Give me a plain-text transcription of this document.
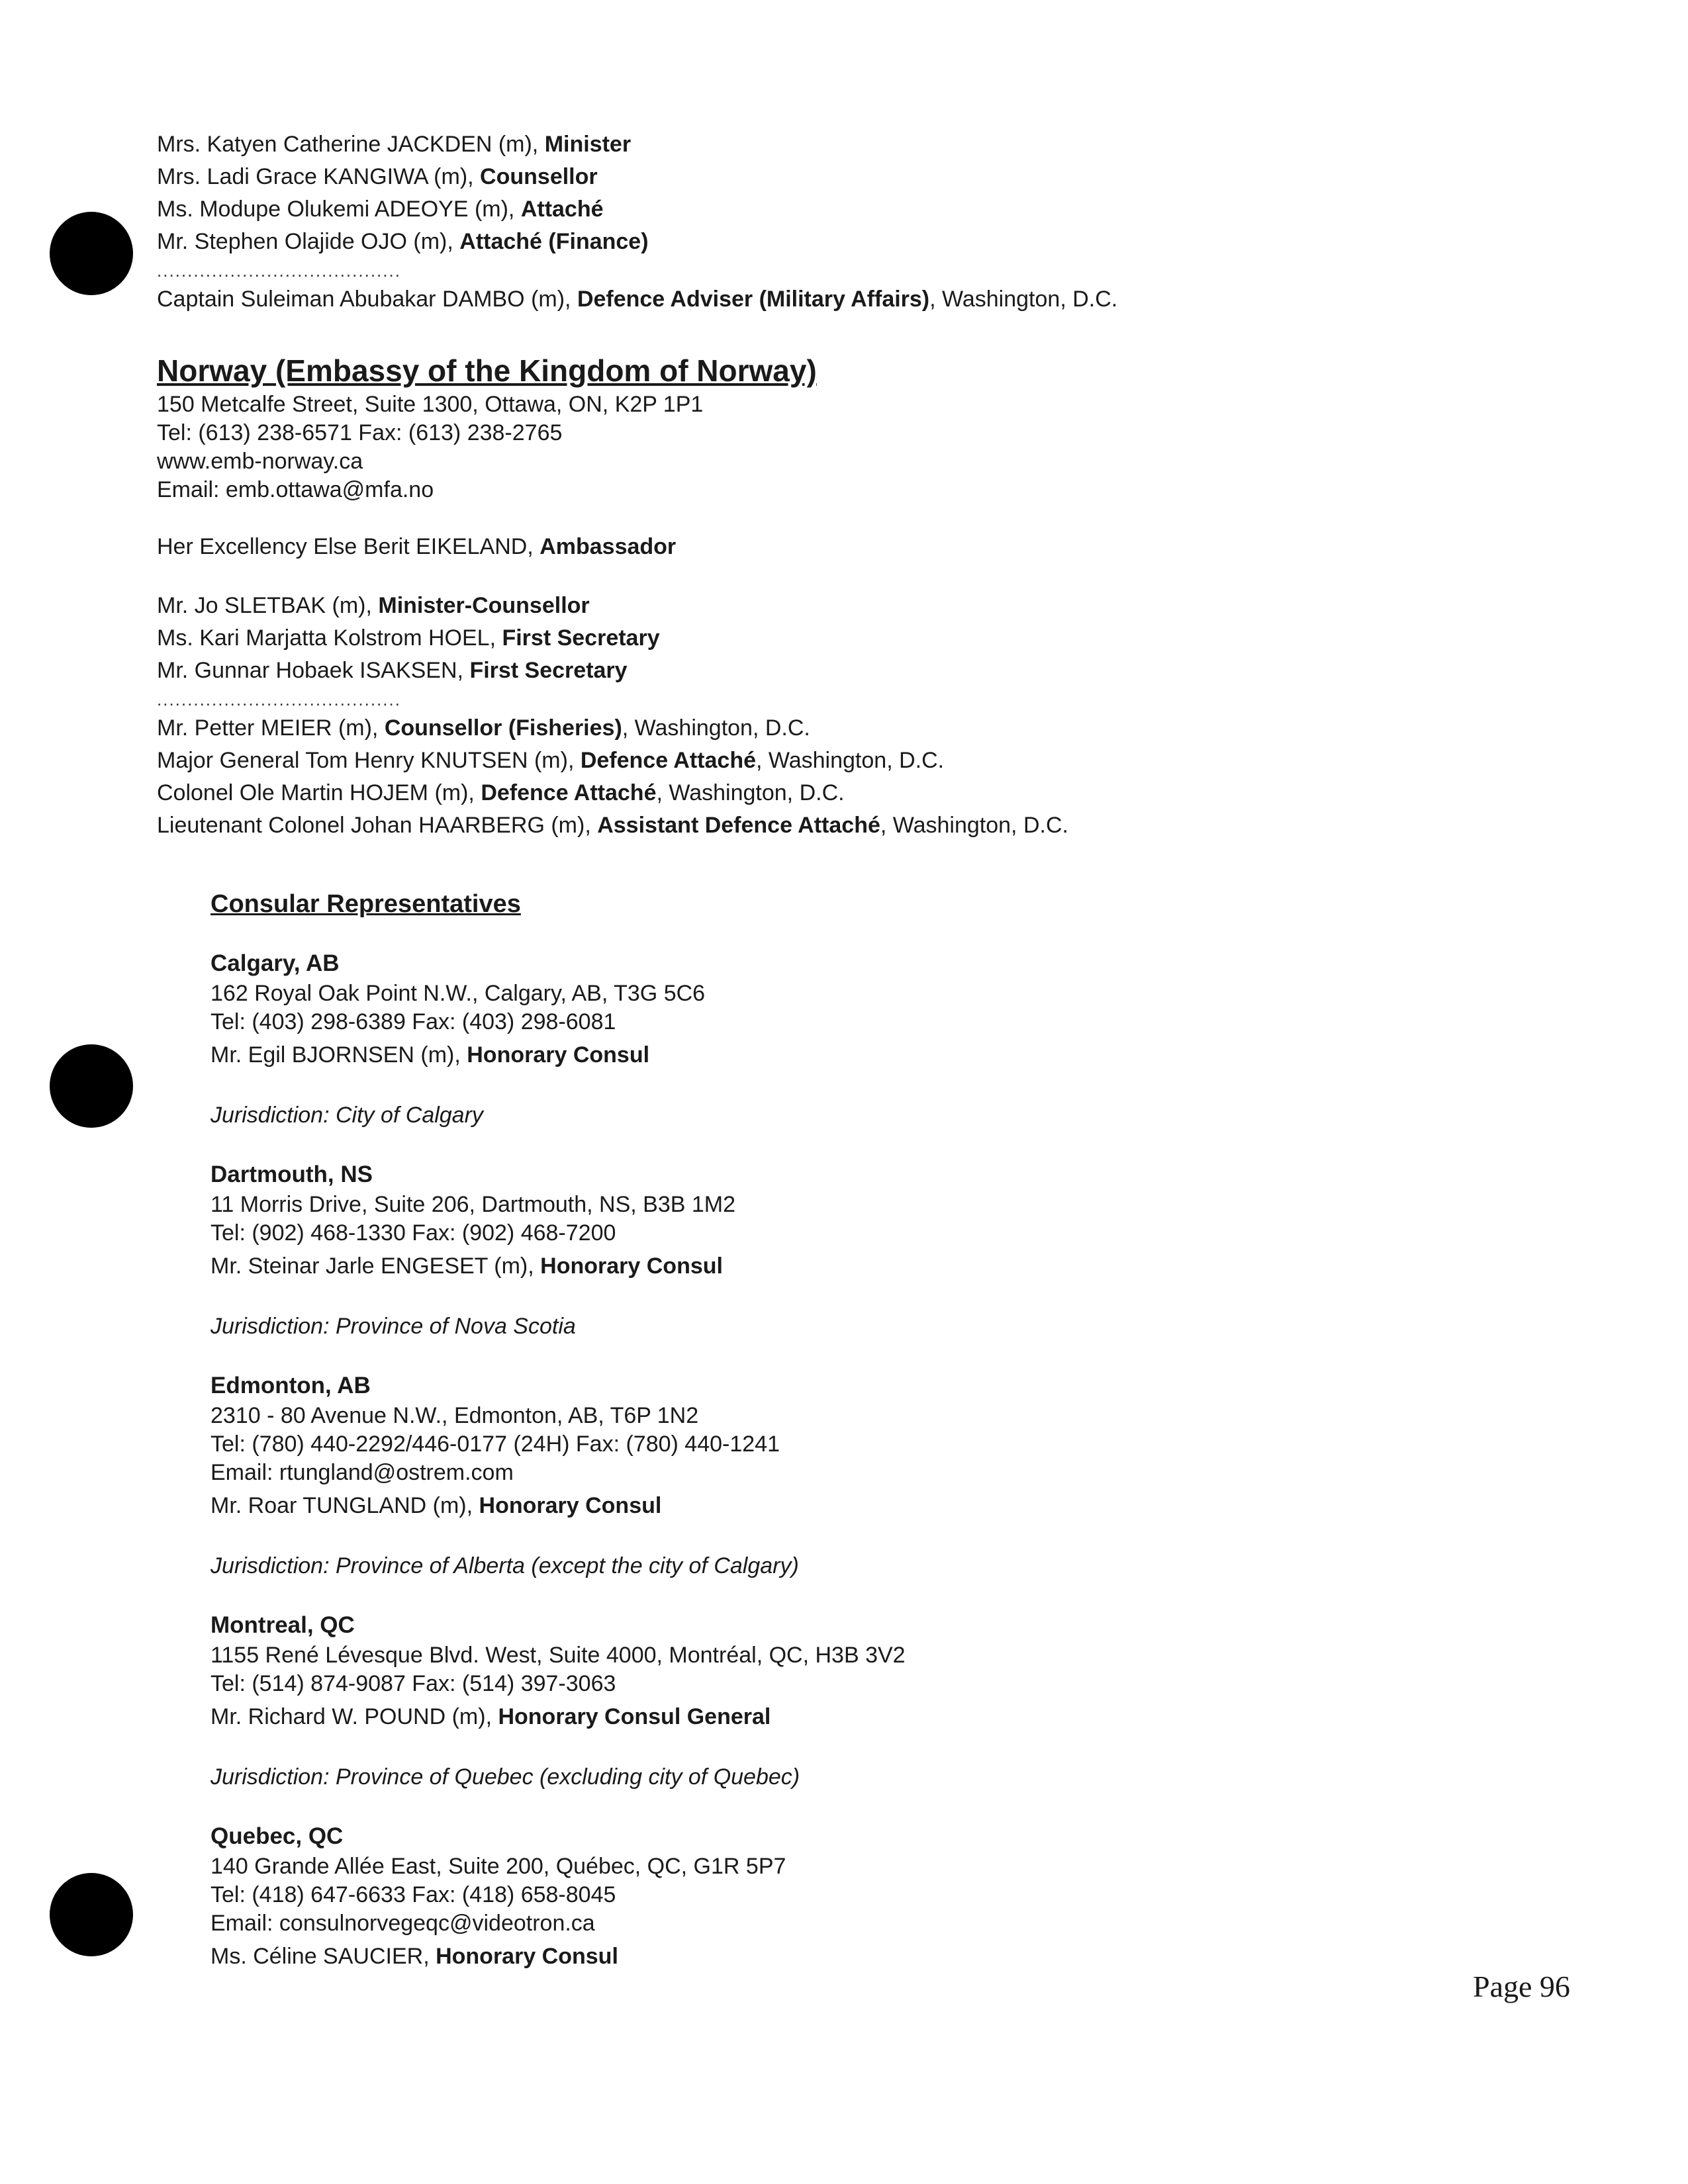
Mrs. Katyen Catherine JACKDEN (m), Minister
Mrs. Ladi Grace KANGIWA (m), Counsellor
Ms. Modupe Olukemi ADEOYE (m), Attaché
Mr. Stephen Olajide OJO (m), Attaché (Finance)
........................................
Captain Suleiman Abubakar DAMBO (m), Defence Adviser (Military Affairs), Washington, D.C.
Norway (Embassy of the Kingdom of Norway)
150 Metcalfe Street, Suite 1300, Ottawa, ON, K2P 1P1
Tel: (613) 238-6571 Fax: (613) 238-2765
www.emb-norway.ca
Email: emb.ottawa@mfa.no
Her Excellency Else Berit EIKELAND, Ambassador
Mr. Jo SLETBAK (m), Minister-Counsellor
Ms. Kari Marjatta Kolstrom HOEL, First Secretary
Mr. Gunnar Hobaek ISAKSEN, First Secretary
........................................
Mr. Petter MEIER (m), Counsellor (Fisheries), Washington, D.C.
Major General Tom Henry KNUTSEN (m), Defence Attaché, Washington, D.C.
Colonel Ole Martin HOJEM (m), Defence Attaché, Washington, D.C.
Lieutenant Colonel Johan HAARBERG (m), Assistant Defence Attaché, Washington, D.C.
Consular Representatives
Calgary, AB
162 Royal Oak Point N.W., Calgary, AB, T3G 5C6
Tel: (403) 298-6389 Fax: (403) 298-6081
Mr. Egil BJORNSEN (m), Honorary Consul
Jurisdiction: City of Calgary
Dartmouth, NS
11 Morris Drive, Suite 206, Dartmouth, NS, B3B 1M2
Tel: (902) 468-1330 Fax: (902) 468-7200
Mr. Steinar Jarle ENGESET (m), Honorary Consul
Jurisdiction: Province of Nova Scotia
Edmonton, AB
2310 - 80 Avenue N.W., Edmonton, AB, T6P 1N2
Tel: (780) 440-2292/446-0177 (24H) Fax: (780) 440-1241
Email: rtungland@ostrem.com
Mr. Roar TUNGLAND (m), Honorary Consul
Jurisdiction: Province of Alberta (except the city of Calgary)
Montreal, QC
1155 René Lévesque Blvd. West, Suite 4000, Montréal, QC, H3B 3V2
Tel: (514) 874-9087 Fax: (514) 397-3063
Mr. Richard W. POUND (m), Honorary Consul General
Jurisdiction: Province of Quebec (excluding city of Quebec)
Quebec, QC
140 Grande Allée East, Suite 200, Québec, QC, G1R 5P7
Tel: (418) 647-6633 Fax: (418) 658-8045
Email: consulnorvegeqc@videotron.ca
Ms. Céline SAUCIER, Honorary Consul
Page 96
